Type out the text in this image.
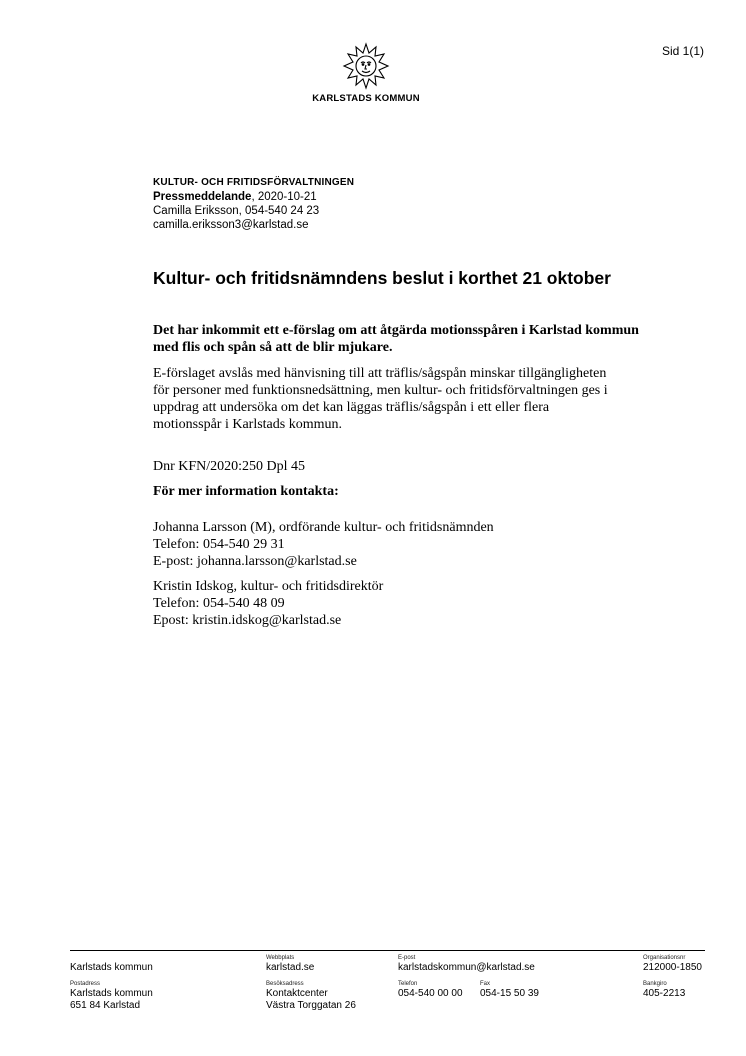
Sid 1(1)
KARLSTADS KOMMUN
KULTUR- OCH FRITIDSFÖRVALTNINGEN
Pressmeddelande, 2020-10-21
Camilla Eriksson, 054-540 24 23
camilla.eriksson3@karlstad.se
Kultur- och fritidsnämndens beslut i korthet 21 oktober
Det har inkommit ett e-förslag om att åtgärda motionsspåren i Karlstad kommun med flis och spån så att de blir mjukare.
E-förslaget avslås med hänvisning till att träflis/sågspån minskar tillgängligheten för personer med funktionsnedsättning, men kultur- och fritidsförvaltningen ges i uppdrag att undersöka om det kan läggas träflis/sågspån i ett eller flera motionsspår i Karlstads kommun.
Dnr KFN/2020:250 Dpl 45
För mer information kontakta:
Johanna Larsson (M), ordförande kultur- och fritidsnämnden
Telefon: 054-540 29 31
E-post: johanna.larsson@karlstad.se
Kristin Idskog, kultur- och fritidsdirektör
Telefon: 054-540 48 09
Epost: kristin.idskog@karlstad.se
Karlstads kommun
Webbplats
karlstad.se
E-post
karlstadskommun@karlstad.se
Organisationsnr
212000-1850
Postadress
Karlstads kommun
651 84 Karlstad
Besöksadress
Kontaktcenter
Västra Torggatan 26
Telefon
054-540 00 00
Fax
054-15 50 39
Bankgiro
405-2213
